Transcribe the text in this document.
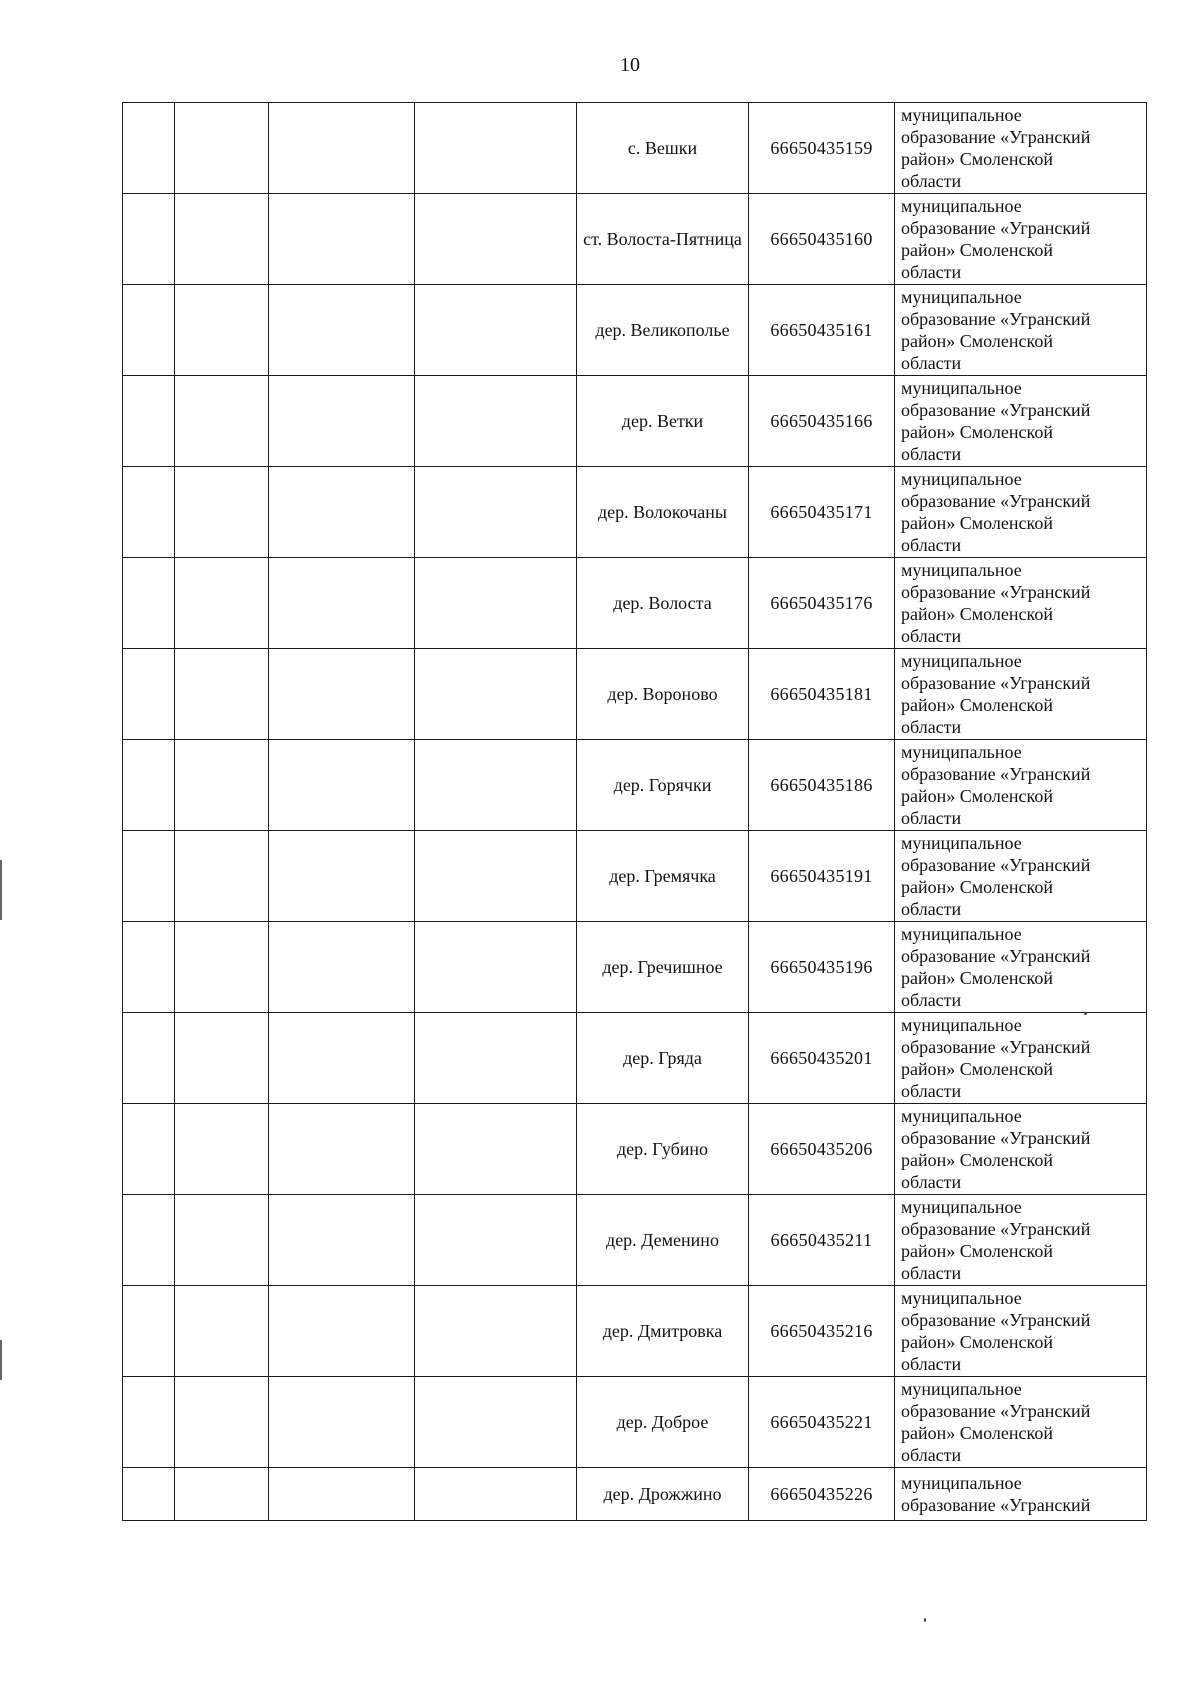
10
				с. Вешки	66650435159	муниципальное
образование «Угранский
район» Смоленской
области

				ст. Волоста-Пятница	66650435160	муниципальное
образование «Угранский
район» Смоленской
области

				дер. Великополье	66650435161	муниципальное
образование «Угранский
район» Смоленской
области

				дер. Ветки	66650435166	муниципальное
образование «Угранский
район» Смоленской
области

				дер. Волокочаны	66650435171	муниципальное
образование «Угранский
район» Смоленской
области

				дер. Волоста	66650435176	муниципальное
образование «Угранский
район» Смоленской
области

				дер. Вороново	66650435181	муниципальное
образование «Угранский
район» Смоленской
области

				дер. Горячки	66650435186	муниципальное
образование «Угранский
район» Смоленской
области

				дер. Гремячка	66650435191	муниципальное
образование «Угранский
район» Смоленской
области

				дер. Гречишное	66650435196	муниципальное
образование «Угранский
район» Смоленской
области

				дер. Гряда	66650435201	муниципальное
образование «Угранский
район» Смоленской
области

				дер. Губино	66650435206	муниципальное
образование «Угранский
район» Смоленской
области

				дер. Деменино	66650435211	муниципальное
образование «Угранский
район» Смоленской
области

				дер. Дмитровка	66650435216	муниципальное
образование «Угранский
район» Смоленской
области

				дер. Доброе	66650435221	муниципальное
образование «Угранский
район» Смоленской
области

				дер. Дрожжино	66650435226	муниципальное
образование «Угранский
